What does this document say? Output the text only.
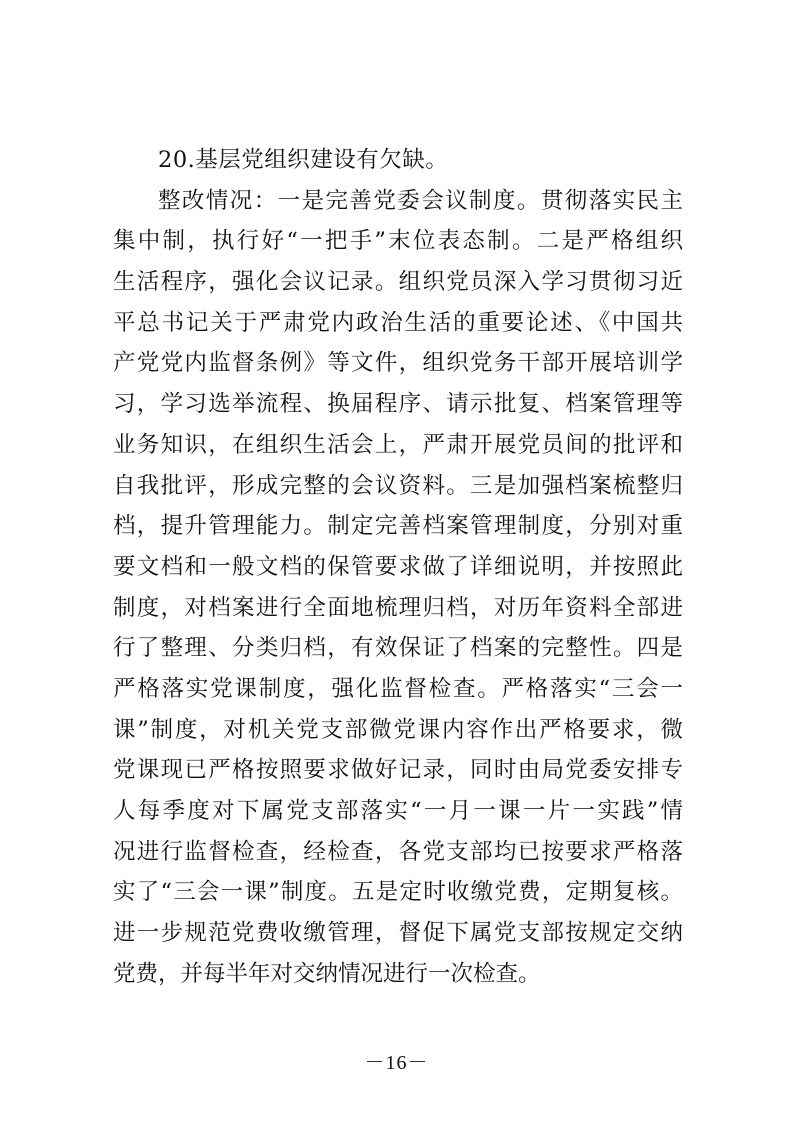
20.基层党组织建设有欠缺。

整改情况：一是完善党委会议制度。贯彻落实民主
集中制，执行好“一把手”末位表态制。二是严格组织
生活程序，强化会议记录。组织党员深入学习贯彻习近
平总书记关于严肃党内政治生活的重要论述、《中国共
产党党内监督条例》等文件，组织党务干部开展培训学
习，学习选举流程、换届程序、请示批复、档案管理等
业务知识，在组织生活会上，严肃开展党员间的批评和
自我批评，形成完整的会议资料。三是加强档案梳整归
档，提升管理能力。制定完善档案管理制度，分别对重
要文档和一般文档的保管要求做了详细说明，并按照此
制度，对档案进行全面地梳理归档，对历年资料全部进
行了整理、分类归档，有效保证了档案的完整性。四是
严格落实党课制度，强化监督检查。严格落实“三会一
课”制度，对机关党支部微党课内容作出严格要求，微
党课现已严格按照要求做好记录，同时由局党委安排专
人每季度对下属党支部落实“一月一课一片一实践”情
况进行监督检查，经检查，各党支部均已按要求严格落
实了“三会一课”制度。五是定时收缴党费，定期复核。
进一步规范党费收缴管理，督促下属党支部按规定交纳
党费，并每半年对交纳情况进行一次检查。
－16－
